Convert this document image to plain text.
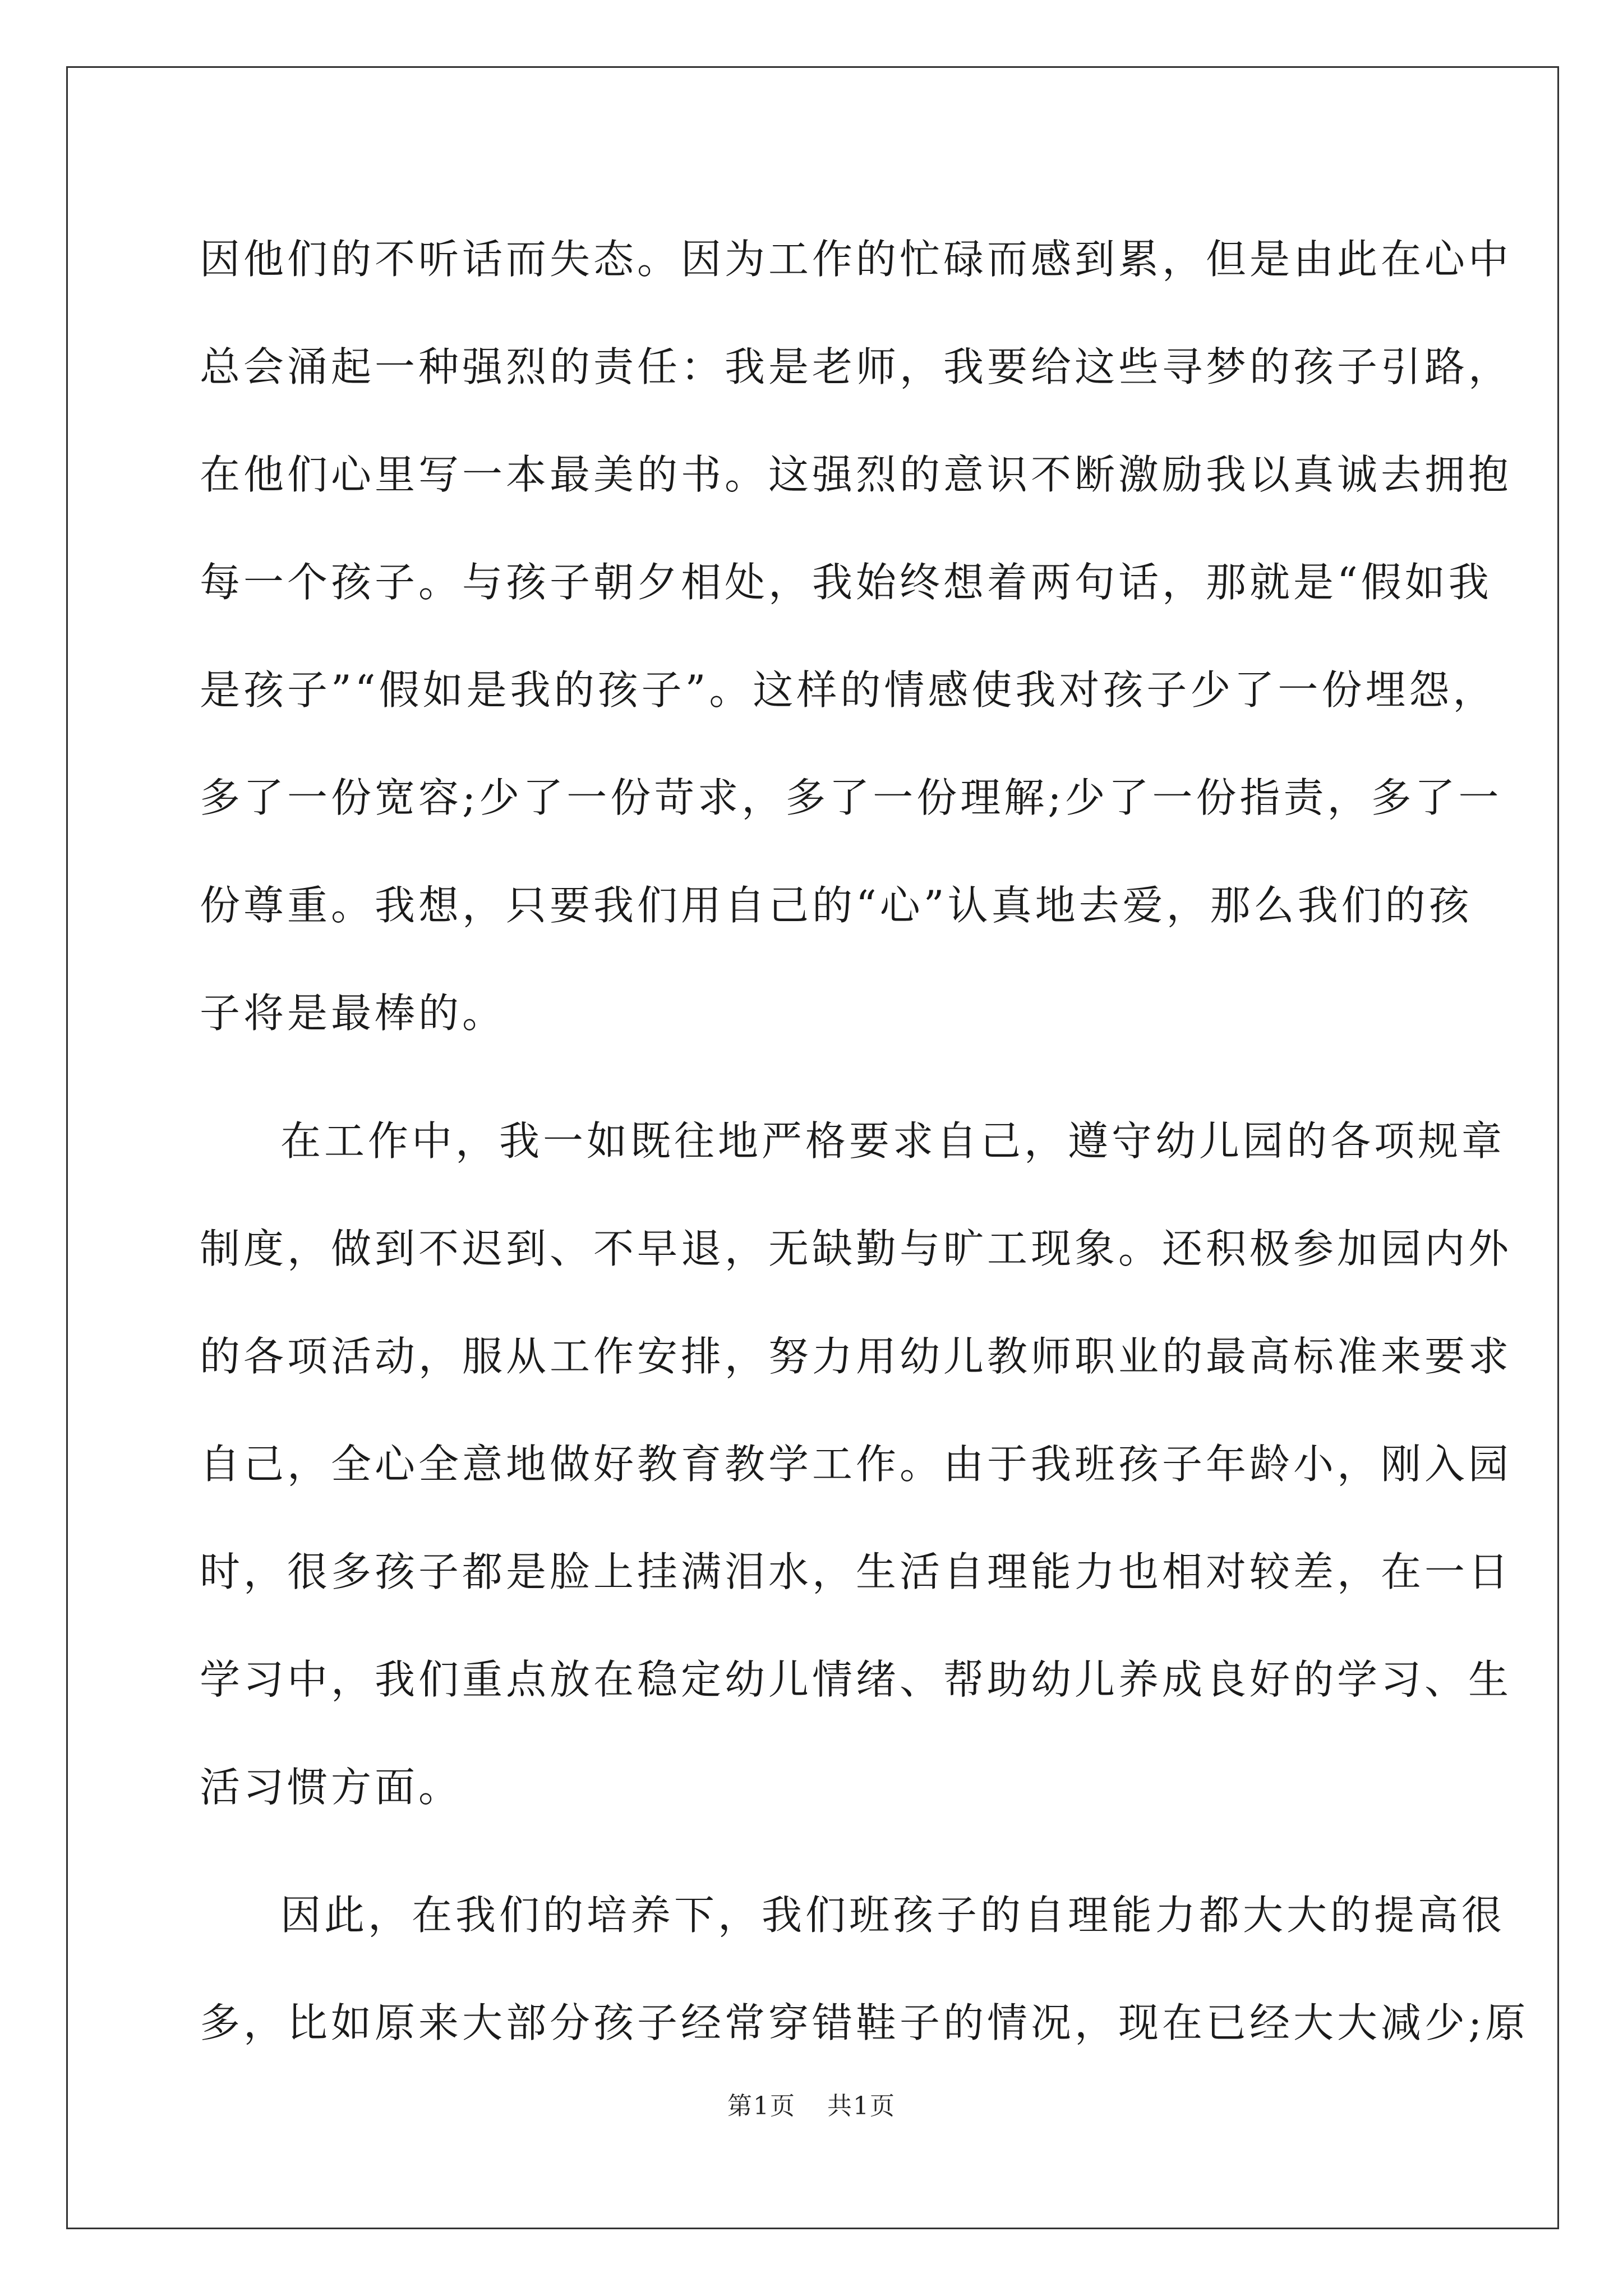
因他们的不听话而失态。因为工作的忙碌而感到累，但是由此在心中
总会涌起一种强烈的责任：我是老师，我要给这些寻梦的孩子引路，
在他们心里写一本最美的书。这强烈的意识不断激励我以真诚去拥抱
每一个孩子。与孩子朝夕相处，我始终想着两句话，那就是“假如我
是孩子”“假如是我的孩子”。这样的情感使我对孩子少了一份埋怨，
多了一份宽容;少了一份苛求，多了一份理解;少了一份指责，多了一
份尊重。我想，只要我们用自己的“心”认真地去爱，那么我们的孩
子将是最棒的。
在工作中，我一如既往地严格要求自己，遵守幼儿园的各项规章
制度，做到不迟到、不早退，无缺勤与旷工现象。还积极参加园内外
的各项活动，服从工作安排，努力用幼儿教师职业的最高标准来要求
自己，全心全意地做好教育教学工作。由于我班孩子年龄小，刚入园
时，很多孩子都是脸上挂满泪水，生活自理能力也相对较差，在一日
学习中，我们重点放在稳定幼儿情绪、帮助幼儿养成良好的学习、生
活习惯方面。
因此，在我们的培养下，我们班孩子的自理能力都大大的提高很
多，比如原来大部分孩子经常穿错鞋子的情况，现在已经大大减少;原
第1页 共1页
